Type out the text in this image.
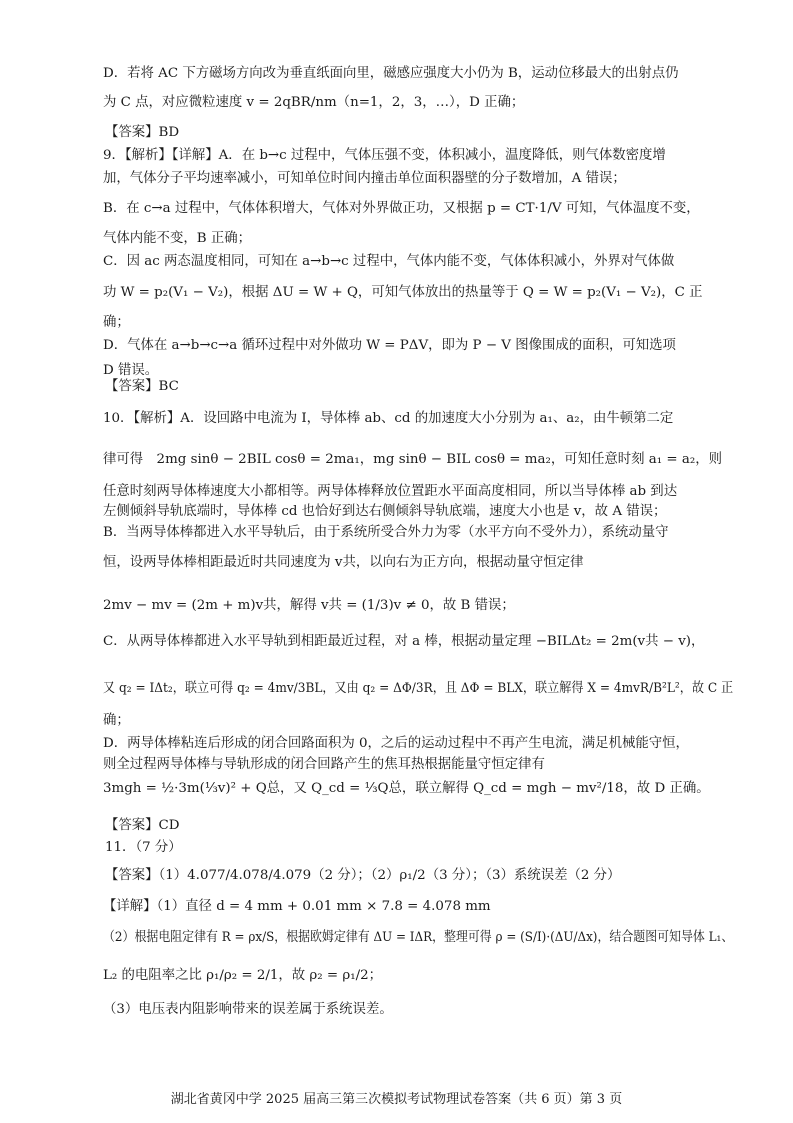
D．若将 AC 下方磁场方向改为垂直纸面向里，磁感应强度大小仍为 B，运动位移最大的出射点仍
为 C 点，对应微粒速度 v = 2qBR/nm（n=1，2，3，…），D 正确；
【答案】BD
9．【解析】【详解】A．在 b→c 过程中，气体压强不变，体积减小，温度降低，则气体数密度增
加，气体分子平均速率减小，可知单位时间内撞击单位面积器壁的分子数增加，A 错误；
B．在 c→a 过程中，气体体积增大，气体对外界做正功，又根据 p = CT·1/V 可知，气体温度不变，
气体内能不变，B 正确；
C．因 ac 两态温度相同，可知在 a→b→c 过程中，气体内能不变，气体体积减小，外界对气体做
功 W = p₂(V₁ − V₂)，根据 ΔU = W + Q，可知气体放出的热量等于 Q = W = p₂(V₁ − V₂)，C 正
确；
D．气体在 a→b→c→a 循环过程中对外做功 W = PΔV，即为 P − V 图像围成的面积，可知选项
D 错误。
【答案】BC
10．【解析】A．设回路中电流为 I，导体棒 ab、cd 的加速度大小分别为 a₁、a₂，由牛顿第二定
律可得　2mg sinθ − 2BIL cosθ = 2ma₁，mg sinθ − BIL cosθ = ma₂，可知任意时刻 a₁ = a₂，则
任意时刻两导体棒速度大小都相等。两导体棒释放位置距水平面高度相同，所以当导体棒 ab 到达
左侧倾斜导轨底端时，导体棒 cd 也恰好到达右侧倾斜导轨底端，速度大小也是 v，故 A 错误；
B．当两导体棒都进入水平导轨后，由于系统所受合外力为零（水平方向不受外力），系统动量守
恒，设两导体棒相距最近时共同速度为 v共，以向右为正方向，根据动量守恒定律
2mv − mv = (2m + m)v共，解得 v共 = (1/3)v ≠ 0，故 B 错误；
C．从两导体棒都进入水平导轨到相距最近过程，对 a 棒，根据动量定理 −BILΔt₂ = 2m(v共 − v)，
又 q₂ = IΔt₂，联立可得 q₂ = 4mv/3BL，又由 q₂ = ΔΦ/3R，且 ΔΦ = BLX，联立解得 X = 4mvR/B²L²，故 C 正
确；
D．两导体棒粘连后形成的闭合回路面积为 0，之后的运动过程中不再产生电流，满足机械能守恒，
则全过程两导体棒与导轨形成的闭合回路产生的焦耳热根据能量守恒定律有
3mgh = ½·3m(⅓v)² + Q总，又 Q_cd = ⅓Q总，联立解得 Q_cd = mgh − mv²/18，故 D 正确。
【答案】CD
11．（7 分）
【答案】（1）4.077/4.078/4.079（2 分）；（2）ρ₁/2（3 分）；（3）系统误差（2 分）
【详解】（1）直径 d = 4 mm + 0.01 mm × 7.8 = 4.078 mm
（2）根据电阻定律有 R = ρx/S，根据欧姆定律有 ΔU = IΔR，整理可得 ρ = (S/I)·(ΔU/Δx)，结合题图可知导体 L₁、
L₂ 的电阻率之比 ρ₁/ρ₂ = 2/1，故 ρ₂ = ρ₁/2；
（3）电压表内阻影响带来的误差属于系统误差。
湖北省黄冈中学 2025 届高三第三次模拟考试物理试卷答案（共 6 页）第 3 页
